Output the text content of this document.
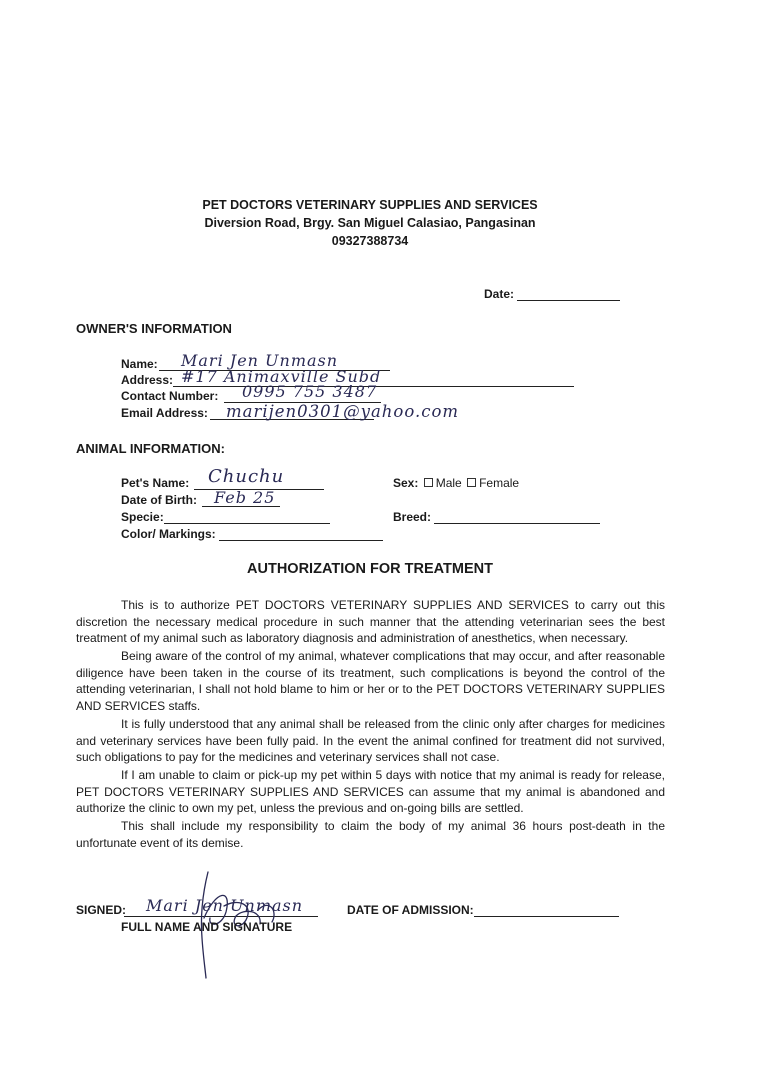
PET DOCTORS VETERINARY SUPPLIES AND SERVICES
Diversion Road, Brgy. San Miguel Calasiao, Pangasinan
09327388734
Date:
OWNER'S INFORMATION
Name: Mari Jen Unmasn
Address: #17 Animaxville Subd
Contact Number: 0995 755 3487
Email Address: marijen0301@yahoo.com
ANIMAL INFORMATION:
Pet's Name: Chuchu	Sex: Male Female
Date of Birth: Feb 25
Specie:	Breed:
Color/ Markings:
AUTHORIZATION FOR TREATMENT
This is to authorize PET DOCTORS VETERINARY SUPPLIES AND SERVICES to carry out this discretion the necessary medical procedure in such manner that the attending veterinarian sees the best treatment of my animal such as laboratory diagnosis and administration of anesthetics, when necessary.
Being aware of the control of my animal, whatever complications that may occur, and after reasonable diligence have been taken in the course of its treatment, such complications is beyond the control of the attending veterinarian, I shall not hold blame to him or her or to the PET DOCTORS VETERINARY SUPPLIES AND SERVICES staffs.
It is fully understood that any animal shall be released from the clinic only after charges for medicines and veterinary services have been fully paid. In the event the animal confined for treatment did not survived, such obligations to pay for the medicines and veterinary services shall not case.
If I am unable to claim or pick-up my pet within 5 days with notice that my animal is ready for release, PET DOCTORS VETERINARY SUPPLIES AND SERVICES can assume that my animal is abandoned and authorize the clinic to own my pet, unless the previous and on-going bills are settled.
This shall include my responsibility to claim the body of my animal 36 hours post-death in the unfortunate event of its demise.
SIGNED: Mari Jen Unmasn
FULL NAME AND SIGNATURE
DATE OF ADMISSION:
